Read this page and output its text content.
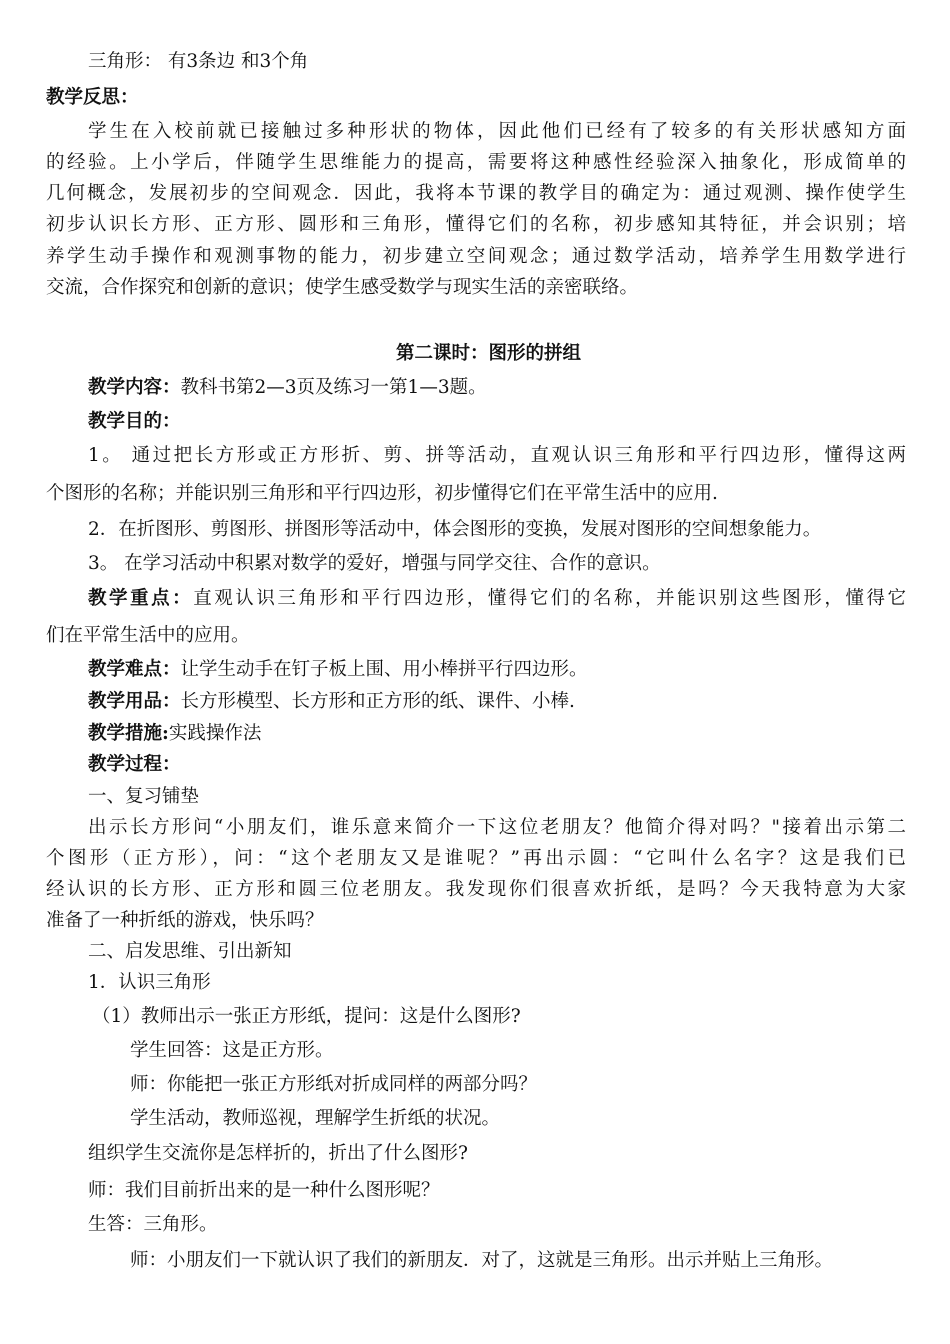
三角形： 有3条边 和3个角
教学反思：
学生在入校前就已接触过多种形状的物体，因此他们已经有了较多的有关形状感知方面
的经验。上小学后，伴随学生思维能力的提高，需要将这种感性经验深入抽象化，形成简单的
几何概念，发展初步的空间观念．因此，我将本节课的教学目的确定为：通过观测、操作使学生
初步认识长方形、正方形、圆形和三角形，懂得它们的名称，初步感知其特征，并会识别；培
养学生动手操作和观测事物的能力，初步建立空间观念；通过数学活动，培养学生用数学进行
交流，合作探究和创新的意识；使学生感受数学与现实生活的亲密联络。
第二课时：图形的拼组
教学内容：教科书第2—3页及练习一第1—3题。
教学目的：
1。 通过把长方形或正方形折、剪、拼等活动，直观认识三角形和平行四边形，懂得这两
个图形的名称；并能识别三角形和平行四边形，初步懂得它们在平常生活中的应用.
2．在折图形、剪图形、拼图形等活动中，体会图形的变换，发展对图形的空间想象能力。
3。 在学习活动中积累对数学的爱好，增强与同学交往、合作的意识。
教学重点：直观认识三角形和平行四边形，懂得它们的名称，并能识别这些图形，懂得它
们在平常生活中的应用。
教学难点：让学生动手在钉子板上围、用小棒拼平行四边形。
教学用品：长方形模型、长方形和正方形的纸、课件、小棒.
教学措施:实践操作法
教学过程：
一、复习铺垫
出示长方形问“小朋友们，谁乐意来简介一下这位老朋友？他简介得对吗？"接着出示第二
个图形（正方形），问：“这个老朋友又是谁呢？”再出示圆：“它叫什么名字？这是我们已
经认识的长方形、正方形和圆三位老朋友。我发现你们很喜欢折纸，是吗？今天我特意为大家
准备了一种折纸的游戏，快乐吗？
二、启发思维、引出新知
1．认识三角形
（1）教师出示一张正方形纸，提问：这是什么图形?
学生回答：这是正方形。
师：你能把一张正方形纸对折成同样的两部分吗？
学生活动，教师巡视，理解学生折纸的状况。
组织学生交流你是怎样折的，折出了什么图形?
师：我们目前折出来的是一种什么图形呢？
生答：三角形。
师：小朋友们一下就认识了我们的新朋友．对了，这就是三角形。出示并贴上三角形。
